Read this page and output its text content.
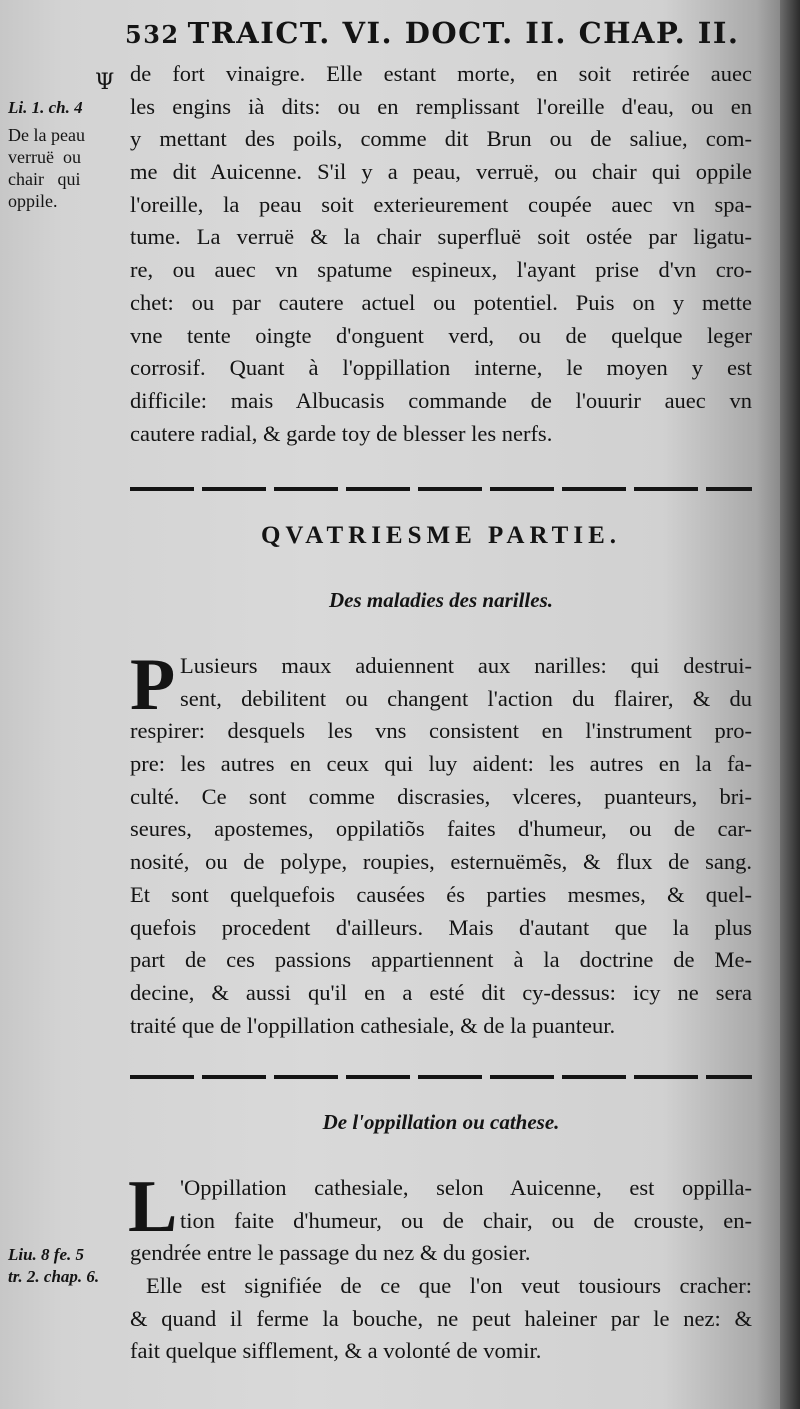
532 TRAICT. VI. DOCT. II. CHAP. II.
Ψ
Li. 1. ch. 4
De la peau
verruë  ou
chair   qui
oppile.
de fort vinaigre. Elle estant morte, en soit retirée auec
les engins ià dits: ou en remplissant l'oreille d'eau, ou en
y mettant des poils, comme dit Brun ou de saliue, com-
me dit Auicenne. S'il y a peau, verruë, ou chair qui oppile
l'oreille, la peau soit exterieurement coupée auec vn spa-
tume. La verruë & la chair superfluë soit ostée par ligatu-
re, ou auec vn spatume espineux, l'ayant prise d'vn cro-
chet: ou par cautere actuel ou potentiel. Puis on y mette
vne tente oingte d'onguent verd, ou de quelque leger
corrosif. Quant à l'oppillation interne, le moyen y est
difficile: mais Albucasis commande de l'ouurir auec vn
cautere radial, & garde toy de blesser les nerfs.
QVATRIESME PARTIE.
Des maladies des narilles.
P Lusieurs maux aduiennent aux narilles: qui destrui-
sent, debilitent ou changent l'action du flairer, & du
respirer: desquels les vns consistent en l'instrument pro-
pre: les autres en ceux qui luy aident: les autres en la fa-
culté. Ce sont comme discrasies, vlceres, puanteurs, bri-
seures, apostemes, oppilatiõs faites d'humeur, ou de car-
nosité, ou de polype, roupies, esternuëmẽs, & flux de sang.
Et sont quelquefois causées és parties mesmes, & quel-
quefois procedent d'ailleurs. Mais d'autant que la plus
part de ces passions appartiennent à la doctrine de Me-
decine, & aussi qu'il en a esté dit cy-dessus: icy ne sera
traité que de l'oppillation cathesiale, & de la puanteur.
De l'oppillation ou cathese.
L
Liu. 8 fe. 5
tr. 2. chap. 6.
'Oppillation cathesiale, selon Auicenne, est oppilla-
tion faite d'humeur, ou de chair, ou de crouste, en-
gendrée entre le passage du nez & du gosier.
Elle est signifiée de ce que l'on veut tousiours cracher:
& quand il ferme la bouche, ne peut haleiner par le nez: &
fait quelque sifflement, & a volonté de vomir.
